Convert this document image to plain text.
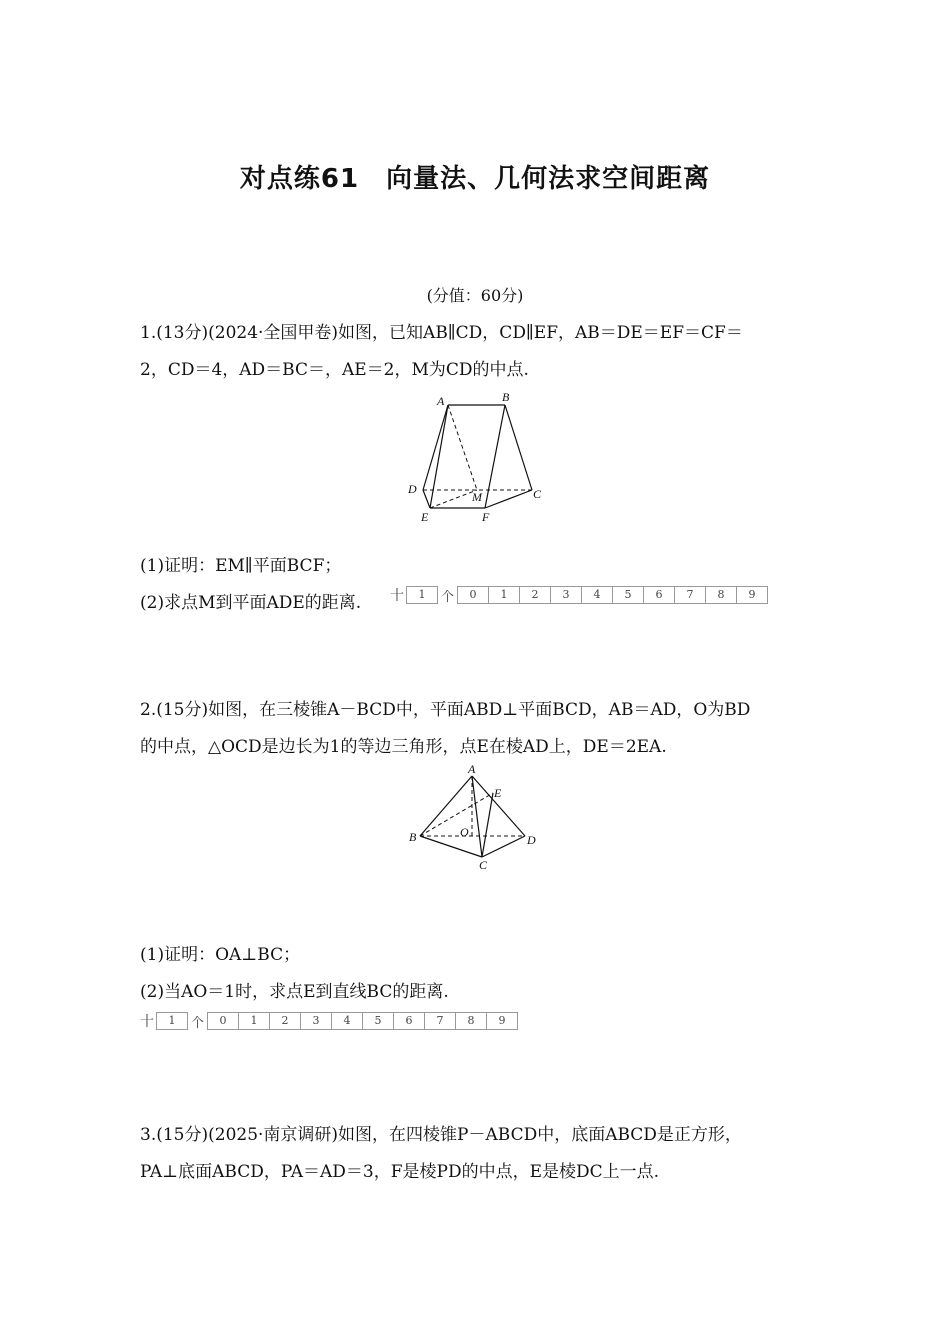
对点练61　向量法、几何法求空间距离
(分值：60分)
1.(13分)(2024·全国甲卷)如图，已知AB∥CD，CD∥EF，AB＝DE＝EF＝CF＝
2，CD＝4，AD＝BC＝，AE＝2，M为CD的中点.
A	B
D
M	C
E	F
(1)证明：EM∥平面BCF；
(2)求点M到平面ADE的距离. 十	1	个	0	1	2	3	4	5	6	7	8	9
2.(15分)如图，在三棱锥A－BCD中，平面ABD⊥平面BCD，AB＝AD，O为BD
的中点，△OCD是边长为1的等边三角形，点E在棱AD上，DE＝2EA.
A
E
B	O
D
C
(1)证明：OA⊥BC；
(2)当AO＝1时，求点E到直线BC的距离.
十	1	个	0	1	2	3	4	5	6	7	8	9
3.(15分)(2025·南京调研)如图，在四棱锥P－ABCD中，底面ABCD是正方形，
PA⊥底面ABCD，PA＝AD＝3，F是棱PD的中点，E是棱DC上一点.
